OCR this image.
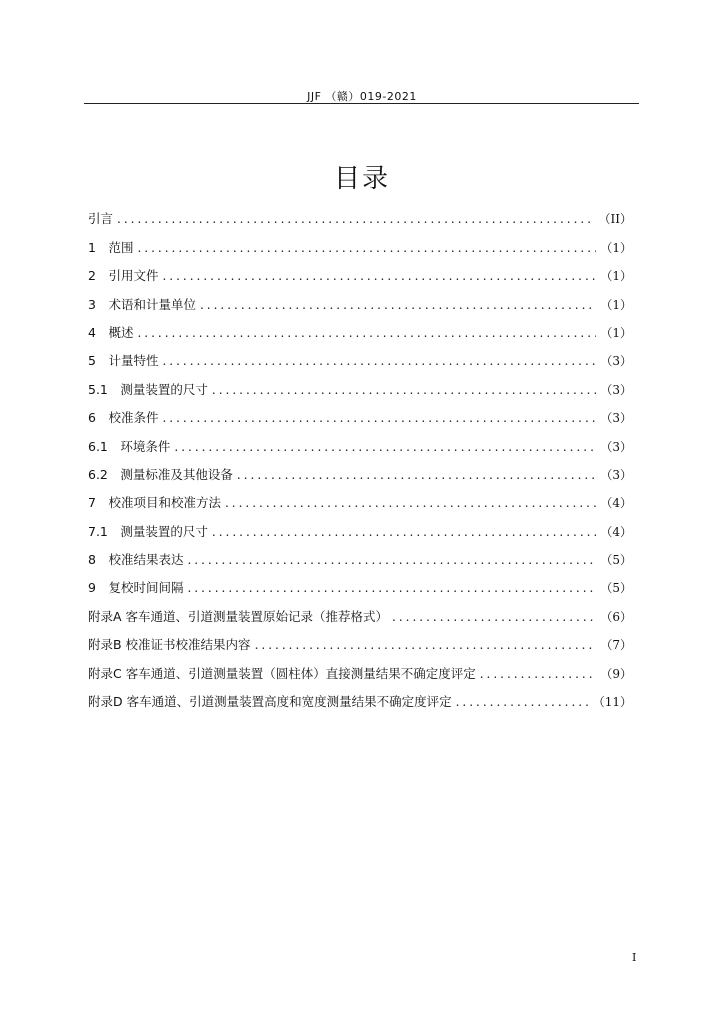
JJF （赣）019-2021
目录
引言 .....	（II）
1　范围 .....	（1）
2　引用文件 .....	（1）
3　术语和计量单位 .....	（1）
4　概述 .....	（1）
5　计量特性 .....	（3）
5.1　测量装置的尺寸 .....	（3）
6　校准条件 .....	（3）
6.1　环境条件 .....	（3）
6.2　测量标准及其他设备 .....	（3）
7　校准项目和校准方法 .....	（4）
7.1　测量装置的尺寸 .....	（4）
8　校准结果表达 .....	（5）
9　复校时间间隔 .....	（5）
附录A 客车通道、引道测量装置原始记录（推荐格式） .....	（6）
附录B 校准证书校准结果内容 .....	（7）
附录C 客车通道、引道测量装置（圆柱体）直接测量结果不确定度评定 .....	（9）
附录D 客车通道、引道测量装置高度和宽度测量结果不确定度评定 .....	（11）
I
